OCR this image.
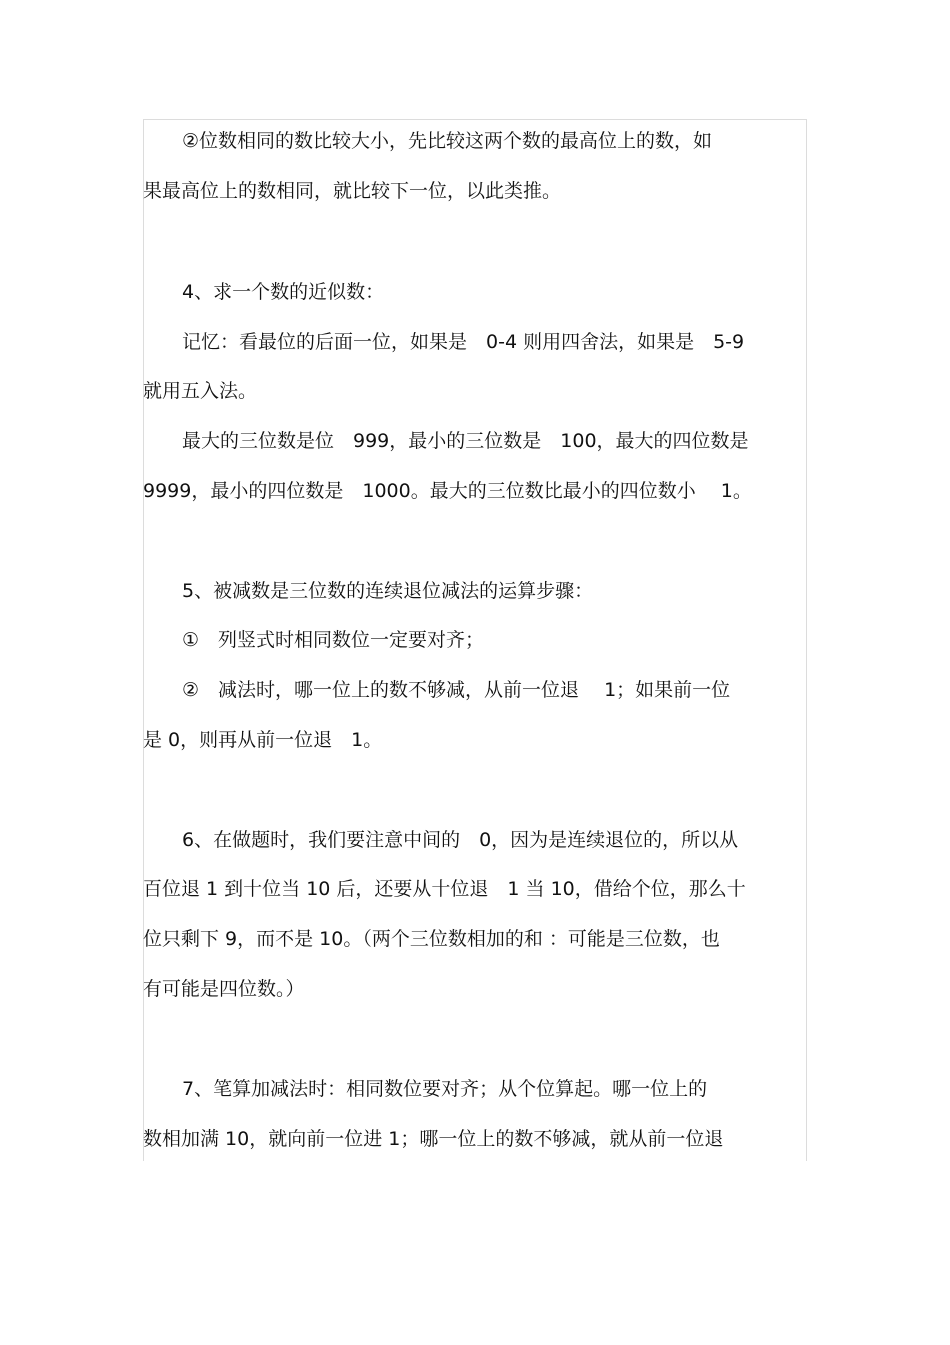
②位数相同的数比较大小，先比较这两个数的最高位上的数，如
果最高位上的数相同，就比较下一位，以此类推。
4、求一个数的近似数：
记忆：看最位的后面一位，如果是　0-4 则用四舍法，如果是　5-9
就用五入法。
最大的三位数是位　999，最小的三位数是　100，最大的四位数是
9999，最小的四位数是　1000。最大的三位数比最小的四位数小　 1。
5、被减数是三位数的连续退位减法的运算步骤：
①　列竖式时相同数位一定要对齐；
②　减法时，哪一位上的数不够减，从前一位退　 1；如果前一位
是 0，则再从前一位退　1。
6、在做题时，我们要注意中间的　0，因为是连续退位的，所以从
百位退 1 到十位当 10 后，还要从十位退　1 当 10，借给个位，那么十
位只剩下 9，而不是 10。（两个三位数相加的和 ：可能是三位数，也
有可能是四位数。）
7、笔算加减法时：相同数位要对齐；从个位算起。哪一位上的
数相加满 10，就向前一位进 1；哪一位上的数不够减，就从前一位退
